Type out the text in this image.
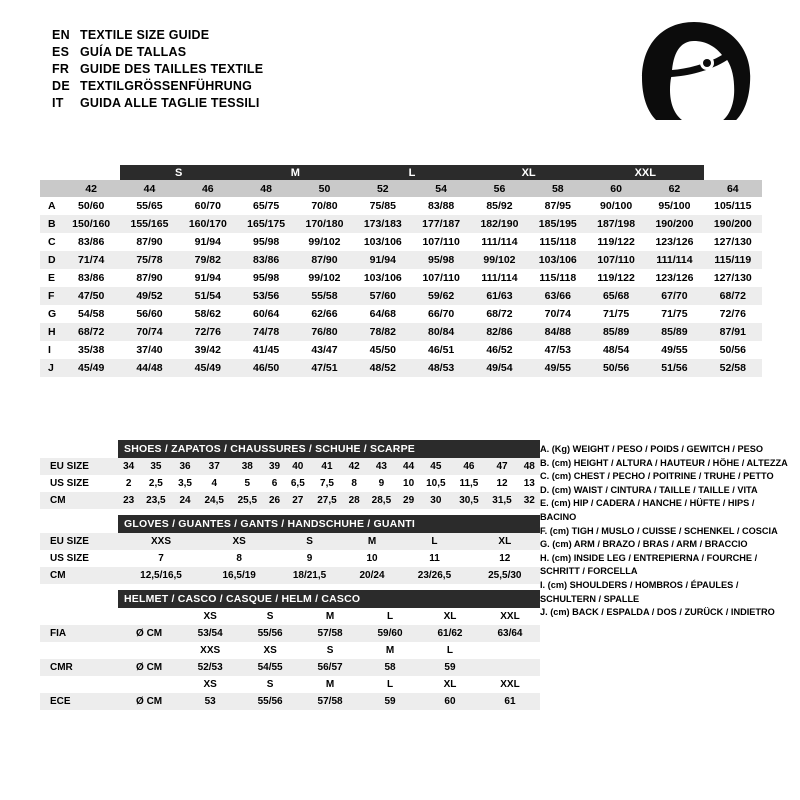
EN TEXTILE SIZE GUIDE
ES GUÍA DE TALLAS
FR GUIDE DES TAILLES TEXTILE
DE TEXTILGRÖSSENFÜHRUNG
IT	GUIDA ALLE TAGLIE TESSILI
		S		M		L		XL		XXL		
	42	44	46	48	50	52	54	56	58	60	62	64
A	50/60	55/65	60/70	65/75	70/80	75/85	83/88	85/92	87/95	90/100	95/100	105/115
B	150/160	155/165	160/170	165/175	170/180	173/183	177/187	182/190	185/195	187/198	190/200	190/200
C	83/86	87/90	91/94	95/98	99/102	103/106	107/110	111/114	115/118	119/122	123/126	127/130
D	71/74	75/78	79/82	83/86	87/90	91/94	95/98	99/102	103/106	107/110	111/114	115/119
E	83/86	87/90	91/94	95/98	99/102	103/106	107/110	111/114	115/118	119/122	123/126	127/130
F	47/50	49/52	51/54	53/56	55/58	57/60	59/62	61/63	63/66	65/68	67/70	68/72
G	54/58	56/60	58/62	60/64	62/66	64/68	66/70	68/72	70/74	71/75	71/75	72/76
H	68/72	70/74	72/76	74/78	76/80	78/82	80/84	82/86	84/88	85/89	85/89	87/91
I	35/38	37/40	39/42	41/45	43/47	45/50	46/51	46/52	47/53	48/54	49/55	50/56
J	45/49	44/48	45/49	46/50	47/51	48/52	48/53	49/54	49/55	50/56	51/56	52/58
SHOES / ZAPATOS / CHAUSSURES / SCHUHE / SCARPE
EU SIZE	34	35	36	37	38	39	40	41	42	43	44	45	46	47	48
US SIZE	2	2,5	3,5	4	5	6	6,5	7,5	8	9	10	10,5	11,5	12	13
CM	23	23,5	24	24,5	25,5	26	27	27,5	28	28,5	29	30	30,5	31,5	32
GLOVES / GUANTES / GANTS / HANDSCHUHE / GUANTI
EU SIZE	XXS	XS	S	M	L	XL
US SIZE	7	8	9	10	11	12
CM	12,5/16,5	16,5/19	18/21,5	20/24	23/26,5	25,5/30
HELMET / CASCO / CASQUE / HELM / CASCO
		XS	S	M	L	XL	XXL
FIA	Ø CM	53/54	55/56	57/58	59/60	61/62	63/64
		XXS	XS	S	M	L	
CMR	Ø CM	52/53	54/55	56/57	58	59	
		XS	S	M	L	XL	XXL
ECE	Ø CM	53	55/56	57/58	59	60	61
A. (Kg) WEIGHT / PESO / POIDS / GEWITCH / PESO
B. (cm) HEIGHT / ALTURA / HAUTEUR / HÖHE / ALTEZZA
C. (cm) CHEST / PECHO / POITRINE / TRUHE / PETTO
D. (cm) WAIST / CINTURA / TAILLE / TAILLE / VITA
E. (cm) HIP / CADERA / HANCHE / HÜFTE / HIPS / BACINO
F. (cm) TIGH / MUSLO / CUISSE / SCHENKEL / COSCIA
G. (cm) ARM / BRAZO / BRAS / ARM / BRACCIO
H. (cm) INSIDE LEG / ENTREPIERNA / FOURCHE /
SCHRITT / FORCELLA
I. (cm) SHOULDERS / HOMBROS / ÉPAULES /
SCHULTERN / SPALLE
J. (cm) BACK / ESPALDA / DOS / ZURÜCK / INDIETRO
